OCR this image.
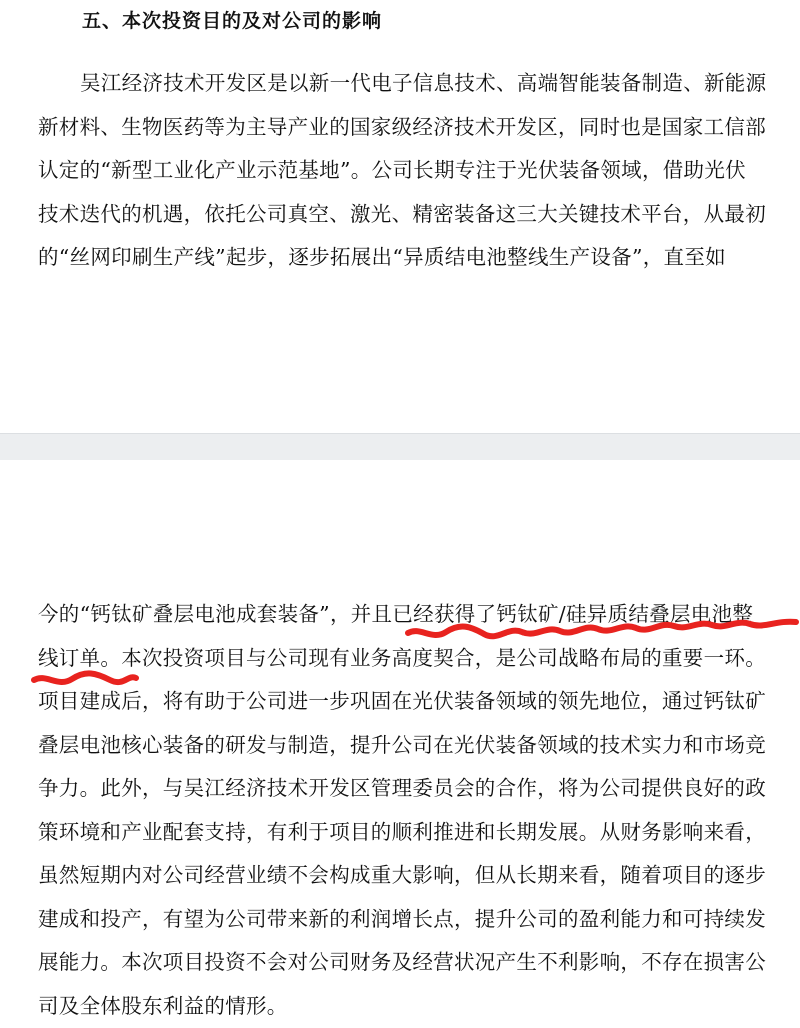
五、本次投资目的及对公司的影响
吴江经济技术开发区是以新一代电子信息技术、高端智能装备制造、新能源
新材料、生物医药等为主导产业的国家级经济技术开发区，同时也是国家工信部
认定的“新型工业化产业示范基地”。公司长期专注于光伏装备领域，借助光伏
技术迭代的机遇，依托公司真空、激光、精密装备这三大关键技术平台，从最初
的“丝网印刷生产线”起步，逐步拓展出“异质结电池整线生产设备”，直至如
今的“钙钛矿叠层电池成套装备”，并且已经获得了钙钛矿/硅异质结叠层电池整
线订单。本次投资项目与公司现有业务高度契合，是公司战略布局的重要一环。
项目建成后，将有助于公司进一步巩固在光伏装备领域的领先地位，通过钙钛矿
叠层电池核心装备的研发与制造，提升公司在光伏装备领域的技术实力和市场竞
争力。此外，与吴江经济技术开发区管理委员会的合作，将为公司提供良好的政
策环境和产业配套支持，有利于项目的顺利推进和长期发展。从财务影响来看，
虽然短期内对公司经营业绩不会构成重大影响，但从长期来看，随着项目的逐步
建成和投产，有望为公司带来新的利润增长点，提升公司的盈利能力和可持续发
展能力。本次项目投资不会对公司财务及经营状况产生不利影响，不存在损害公
司及全体股东利益的情形。
